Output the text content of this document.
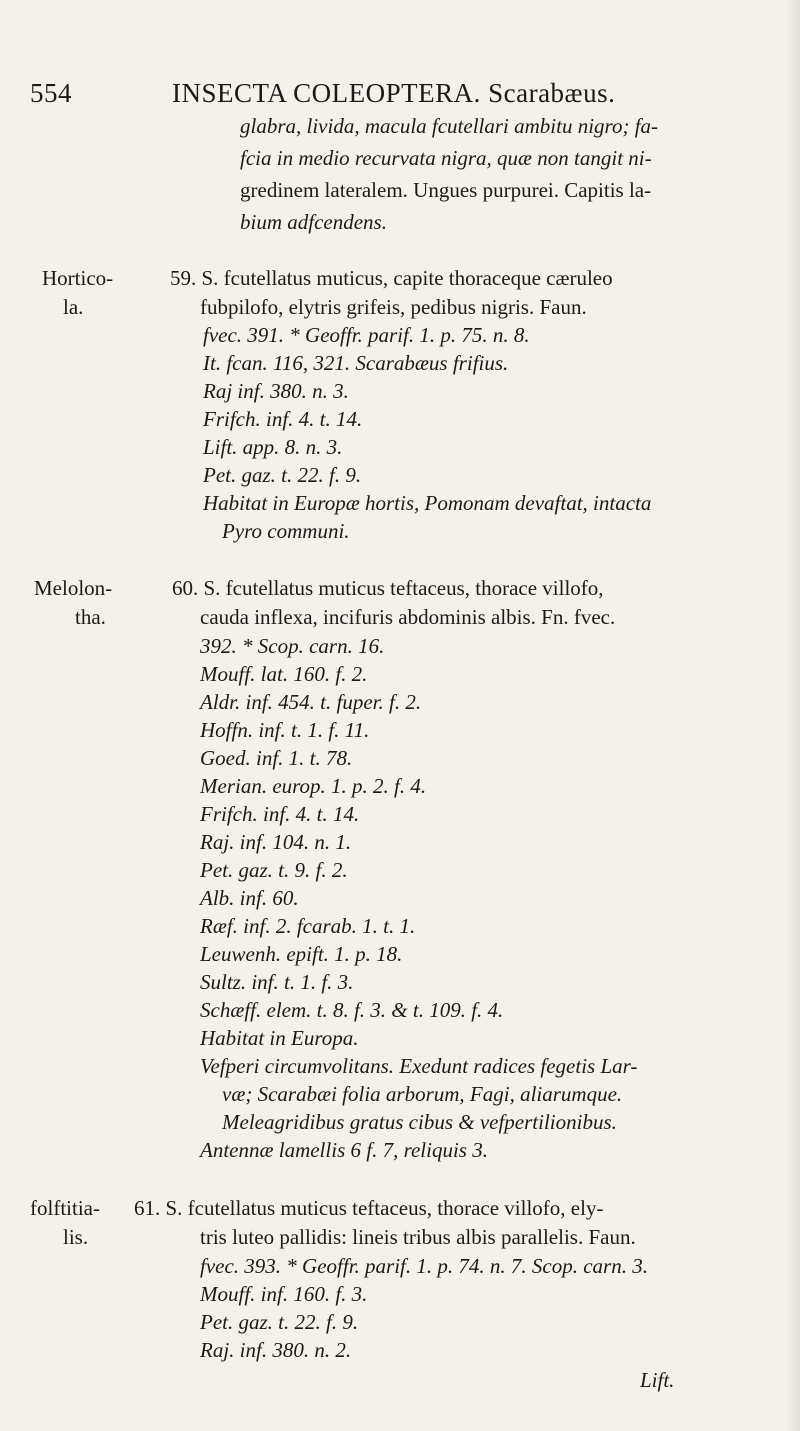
554	INSECTA COLEOPTERA. Scarabæus.
glabra, livida, macula fcutellari ambitu nigro; fa-
fcia in medio recurvata nigra, quæ non tangit ni-
gredinem lateralem. Ungues purpurei. Capitis la-
bium adfcendens.
Hortico-
la.
59. S. fcutellatus muticus, capite thoraceque cæruleo
fubpilofo, elytris grifeis, pedibus nigris. Faun.
fvec. 391. * Geoffr. parif. 1. p. 75. n. 8.
It. fcan. 116, 321. Scarabæus frifius.
Raj inf. 380. n. 3.
Frifch. inf. 4. t. 14.
Lift. app. 8. n. 3.
Pet. gaz. t. 22. f. 9.
Habitat in Europæ hortis, Pomonam devaftat, intacta
Pyro communi.
Melolon-
tha.
60. S. fcutellatus muticus teftaceus, thorace villofo,
cauda inflexa, incifuris abdominis albis. Fn. fvec.
392. * Scop. carn. 16.
Mouff. lat. 160. f. 2.
Aldr. inf. 454. t. fuper. f. 2.
Hoffn. inf. t. 1. f. 11.
Goed. inf. 1. t. 78.
Merian. europ. 1. p. 2. f. 4.
Frifch. inf. 4. t. 14.
Raj. inf. 104. n. 1.
Pet. gaz. t. 9. f. 2.
Alb. inf. 60.
Ræf. inf. 2. fcarab. 1. t. 1.
Leuwenh. epift. 1. p. 18.
Sultz. inf. t. 1. f. 3.
Schæff. elem. t. 8. f. 3. & t. 109. f. 4.
Habitat in Europa.
Vefperi circumvolitans. Exedunt radices fegetis Lar-
væ; Scarabæi folia arborum, Fagi, aliarumque.
Meleagridibus gratus cibus & vefpertilionibus.
Antennæ lamellis 6 f. 7, reliquis 3.
folftitia-
lis.
61. S. fcutellatus muticus teftaceus, thorace villofo, ely-
tris luteo pallidis: lineis tribus albis parallelis. Faun.
fvec. 393. * Geoffr. parif. 1. p. 74. n. 7. Scop. carn. 3.
Mouff. inf. 160. f. 3.
Pet. gaz. t. 22. f. 9.
Raj. inf. 380. n. 2.
Lift.
